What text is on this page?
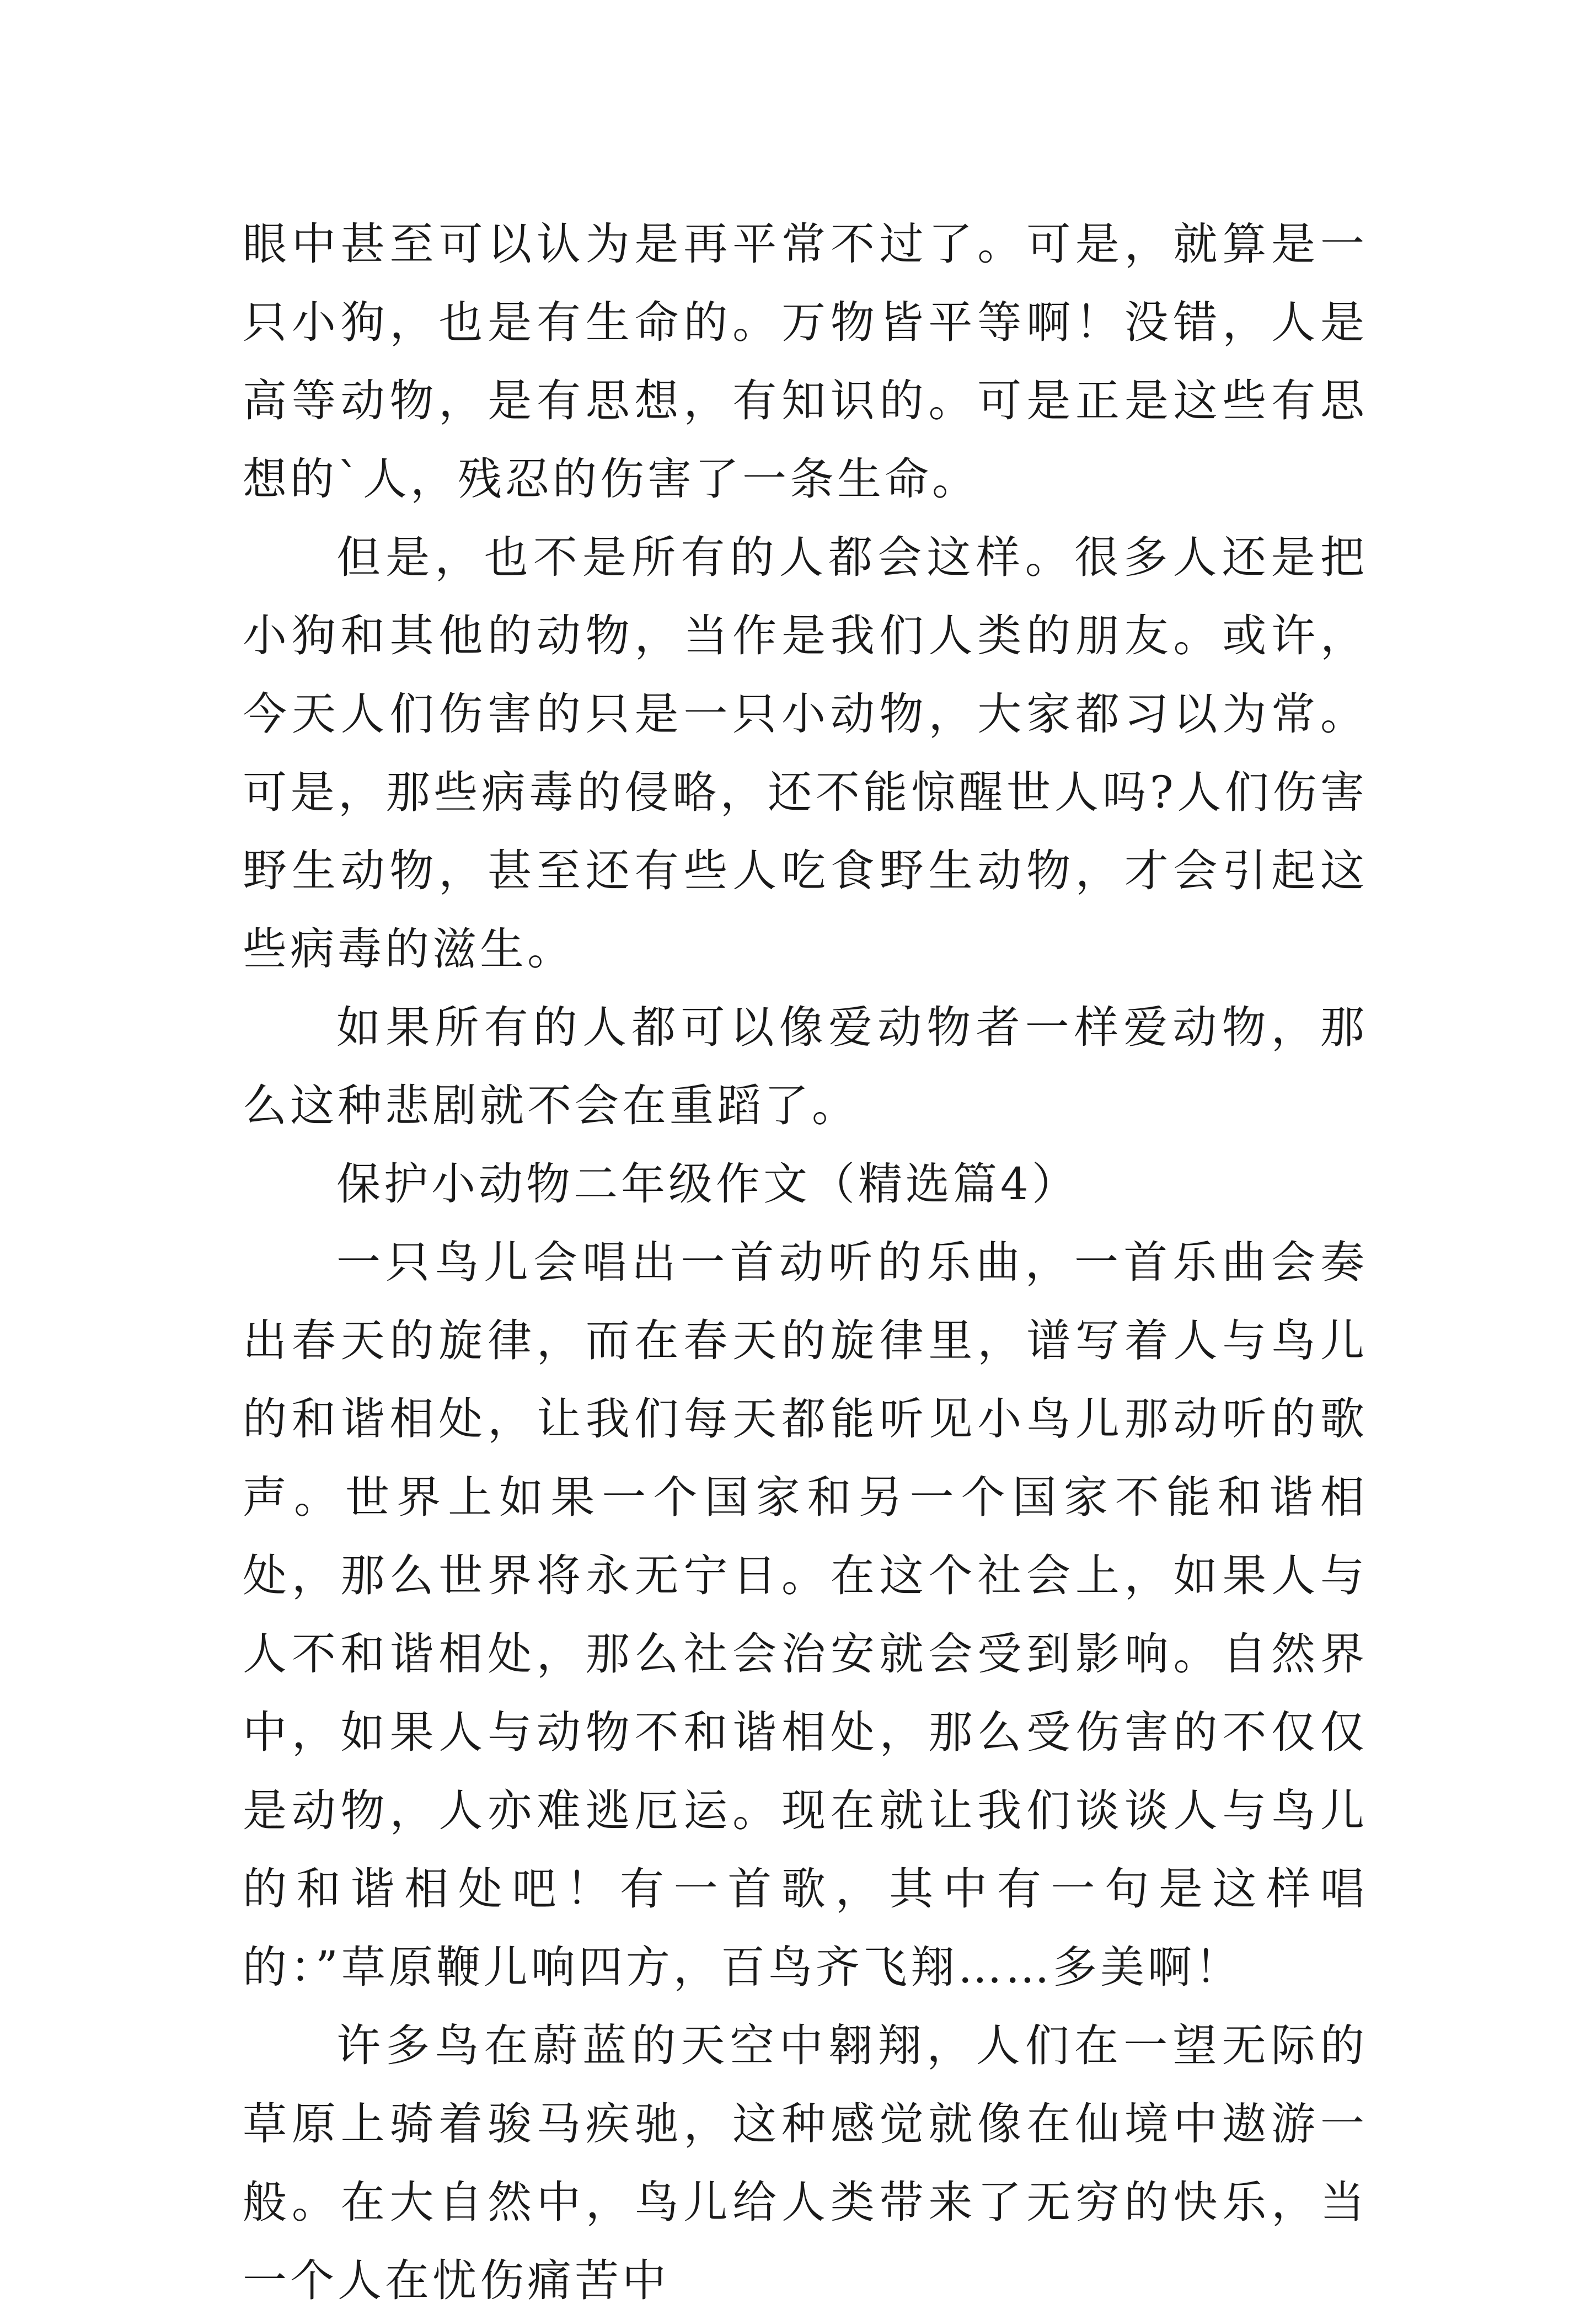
眼中甚至可以认为是再平常不过了。可是，就算是一只小狗，也是有生命的。万物皆平等啊！没错，人是高等动物，是有思想，有知识的。可是正是这些有思想的`人，残忍的伤害了一条生命。

但是，也不是所有的人都会这样。很多人还是把小狗和其他的动物，当作是我们人类的朋友。或许，今天人们伤害的只是一只小动物，大家都习以为常。可是，那些病毒的侵略，还不能惊醒世人吗?人们伤害野生动物，甚至还有些人吃食野生动物，才会引起这些病毒的滋生。

如果所有的人都可以像爱动物者一样爱动物，那么这种悲剧就不会在重蹈了。

保护小动物二年级作文（精选篇4）

一只鸟儿会唱出一首动听的乐曲，一首乐曲会奏出春天的旋律，而在春天的旋律里，谱写着人与鸟儿的和谐相处，让我们每天都能听见小鸟儿那动听的歌声。世界上如果一个国家和另一个国家不能和谐相处，那么世界将永无宁日。在这个社会上，如果人与人不和谐相处，那么社会治安就会受到影响。自然界中，如果人与动物不和谐相处，那么受伤害的不仅仅是动物，人亦难逃厄运。现在就让我们谈谈人与鸟儿的和谐相处吧！有一首歌，其中有一句是这样唱的：”草原鞭儿响四方，百鸟齐飞翔……多美啊！

许多鸟在蔚蓝的天空中翱翔，人们在一望无际的草原上骑着骏马疾驰，这种感觉就像在仙境中遨游一般。在大自然中，鸟儿给人类带来了无穷的快乐，当一个人在忧伤痛苦中
